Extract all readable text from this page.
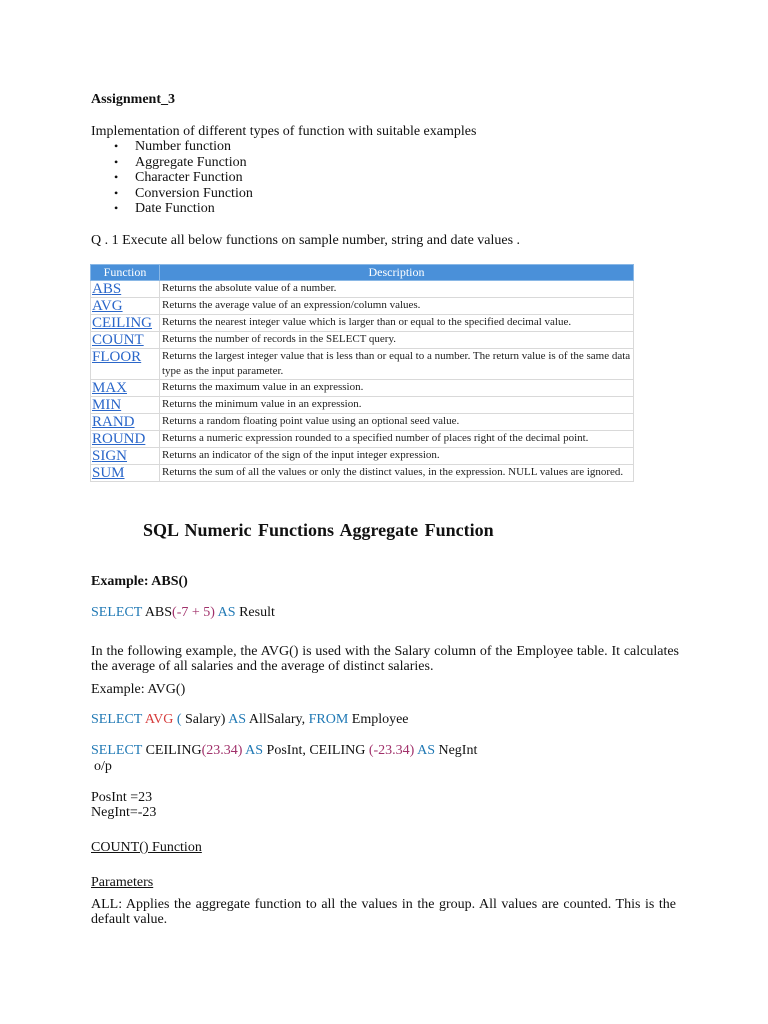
Assignment_3
Implementation of different types of function with suitable examples
• Number function
• Aggregate Function
• Character Function
• Conversion Function
• Date Function
Q . 1 Execute all below functions on sample number, string and date values .
Function	Description
ABS	Returns the absolute value of a number.
AVG	Returns the average value of an expression/column values.
CEILING	Returns the nearest integer value which is larger than or equal to the specified decimal value.
COUNT	Returns the number of records in the SELECT query.
FLOOR	Returns the largest integer value that is less than or equal to a number. The return value is of the same data type as the input parameter.
MAX	Returns the maximum value in an expression.
MIN	Returns the minimum value in an expression.
RAND	Returns a random floating point value using an optional seed value.
ROUND	Returns a numeric expression rounded to a specified number of places right of the decimal point.
SIGN	Returns an indicator of the sign of the input integer expression.
SUM	Returns the sum of all the values or only the distinct values, in the expression. NULL values are ignored.
SQL Numeric Functions Aggregate Function
Example: ABS()
SELECT ABS(-7 + 5) AS Result
In the following example, the AVG() is used with the Salary column of the Employee table. It calculates the average of all salaries and the average of distinct salaries.
Example: AVG()
SELECT AVG ( Salary) AS AllSalary, FROM Employee
SELECT CEILING(23.34) AS PosInt, CEILING (-23.34) AS NegInt
o/p
PosInt =23
NegInt=-23
COUNT() Function
Parameters
ALL: Applies the aggregate function to all the values in the group. All values are counted. This is the default value.
